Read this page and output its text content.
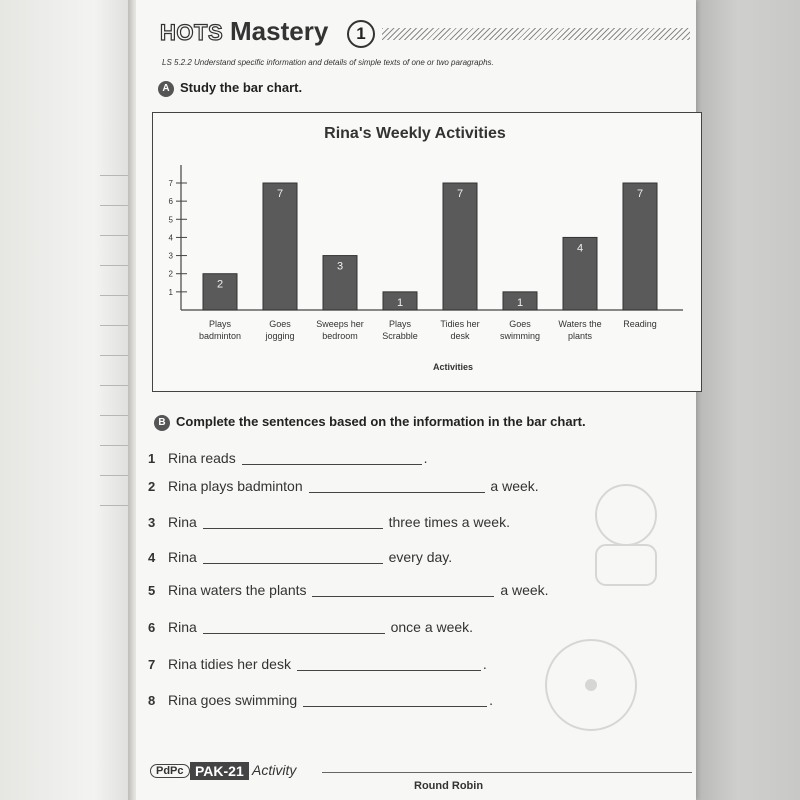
HOTS Mastery	1
LS 5.2.2 Understand specific information and details of simple texts of one or two paragraphs.
A Study the bar chart.
Rina's Weekly Activities
1
2
3
4
5
6
7
2
Plays
badminton
7
Goes
jogging
3
Sweeps her
bedroom
1
Plays
Scrabble
7
Tidies her
desk
1
Goes
swimming
4
Waters the
plants
7
Reading
Activities
B Complete the sentences based on the information in the bar chart.
1 Rina reads	.
2 Rina plays badminton	a week.
3 Rina	three times a week.
4 Rina	every day.
5 Rina waters the plants	a week.
6 Rina	once a week.
7 Rina tidies her desk	.
8 Rina goes swimming	.
PdPc PAK-21 Activity
Round Robin
